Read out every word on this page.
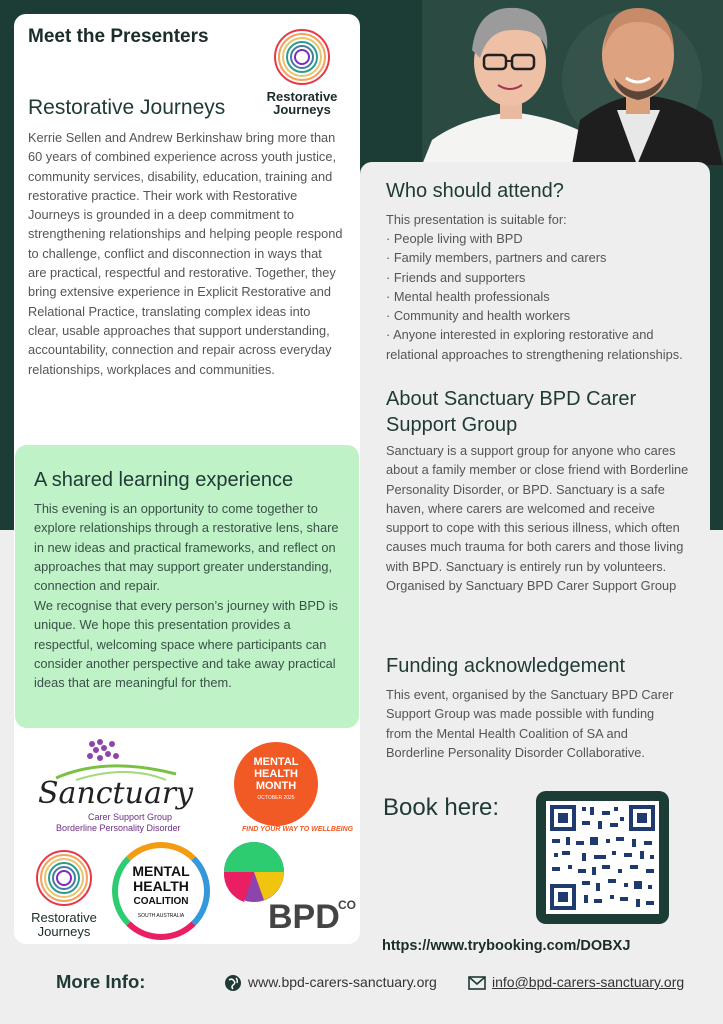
Meet the Presenters
Restorative
Journeys
Restorative Journeys
Kerrie Sellen and Andrew Berkinshaw bring more than 60 years of combined experience across youth justice, community services, disability, education, training and restorative practice. Their work with Restorative Journeys is grounded in a deep commitment to strengthening relationships and helping people respond to challenge, conflict and disconnection in ways that are practical, respectful and restorative. Together, they bring extensive experience in Explicit Restorative and Relational Practice, translating complex ideas into clear, usable approaches that support understanding, accountability, connection and repair across everyday relationships, workplaces and communities.
A shared learning experience
This evening is an opportunity to come together to explore relationships through a restorative lens, share in new ideas and practical frameworks, and reflect on approaches that may support greater understanding, connection and repair.
We recognise that every person’s journey with BPD is unique. We hope this presentation provides a respectful, welcoming space where participants can consider another perspective and take away practical ideas that are meaningful for them.
Sanctuary
Carer Support Group
Borderline Personality Disorder
MENTAL
HEALTH
MONTH
OCTOBER 2025
FIND YOUR WAY TO WELLBEING
Restorative
Journeys
MENTAL
HEALTH
COALITION
SOUTH AUSTRALIA	BPD
CO
Who should attend?
This presentation is suitable for:
· People living with BPD
· Family members, partners and carers
· Friends and supporters
· Mental health professionals
· Community and health workers
· Anyone interested in exploring restorative and relational approaches to strengthening relationships.
About Sanctuary BPD Carer Support Group
Sanctuary is a support group for anyone who cares about a family member or close friend with Borderline Personality Disorder, or BPD. Sanctuary is a safe haven, where carers are welcomed and receive support to cope with this serious illness, which often causes much trauma for both carers and those living with BPD. Sanctuary is entirely run by volunteers. Organised by Sanctuary BPD Carer Support Group
Funding acknowledgement
This event, organised by the Sanctuary BPD Carer Support Group was made possible with funding from the Mental Health Coalition of SA and Borderline Personality Disorder Collaborative.
Book here:
https://www.trybooking.com/DOBXJ
More Info:	www.bpd-carers-sanctuary.org	info@bpd-carers-sanctuary.org
